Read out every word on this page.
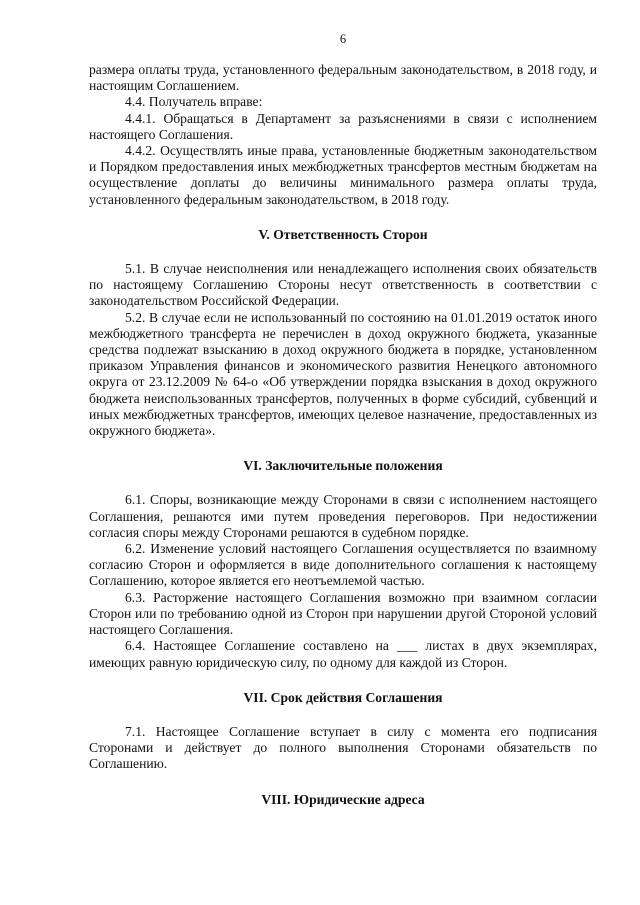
6

размера оплаты труда, установленного федеральным законодательством, в 2018 году, и настоящим Соглашением.

4.4. Получатель вправе:

4.4.1. Обращаться в Департамент за разъяснениями в связи с исполнением настоящего Соглашения.

4.4.2. Осуществлять иные права, установленные бюджетным законодательством и Порядком предоставления иных межбюджетных трансфертов местным бюджетам на осуществление доплаты до величины минимального размера оплаты труда, установленного федеральным законодательством, в 2018 году.

V. Ответственность Сторон

5.1. В случае неисполнения или ненадлежащего исполнения своих обязательств по настоящему Соглашению Стороны несут ответственность в соответствии с законодательством Российской Федерации.

5.2. В случае если не использованный по состоянию на 01.01.2019 остаток иного межбюджетного трансферта не перечислен в доход окружного бюджета, указанные средства подлежат взысканию в доход окружного бюджета в порядке, установленном приказом Управления финансов и экономического развития Ненецкого автономного округа от 23.12.2009 № 64-о «Об утверждении порядка взыскания в доход окружного бюджета неиспользованных трансфертов, полученных в форме субсидий, субвенций и иных межбюджетных трансфертов, имеющих целевое назначение, предоставленных из окружного бюджета».

VI. Заключительные положения

6.1. Споры, возникающие между Сторонами в связи с исполнением настоящего Соглашения, решаются ими путем проведения переговоров. При недостижении согласия споры между Сторонами решаются в судебном порядке.

6.2. Изменение условий настоящего Соглашения осуществляется по взаимному согласию Сторон и оформляется в виде дополнительного соглашения к настоящему Соглашению, которое является его неотъемлемой частью.

6.3. Расторжение настоящего Соглашения возможно при взаимном согласии Сторон или по требованию одной из Сторон при нарушении другой Стороной условий настоящего Соглашения.

6.4. Настоящее Соглашение составлено на ___ листах в двух экземплярах, имеющих равную юридическую силу, по одному для каждой из Сторон.

VII. Срок действия Соглашения

7.1. Настоящее Соглашение вступает в силу с момента его подписания Сторонами и действует до полного выполнения Сторонами обязательств по Соглашению.

VIII. Юридические адреса
